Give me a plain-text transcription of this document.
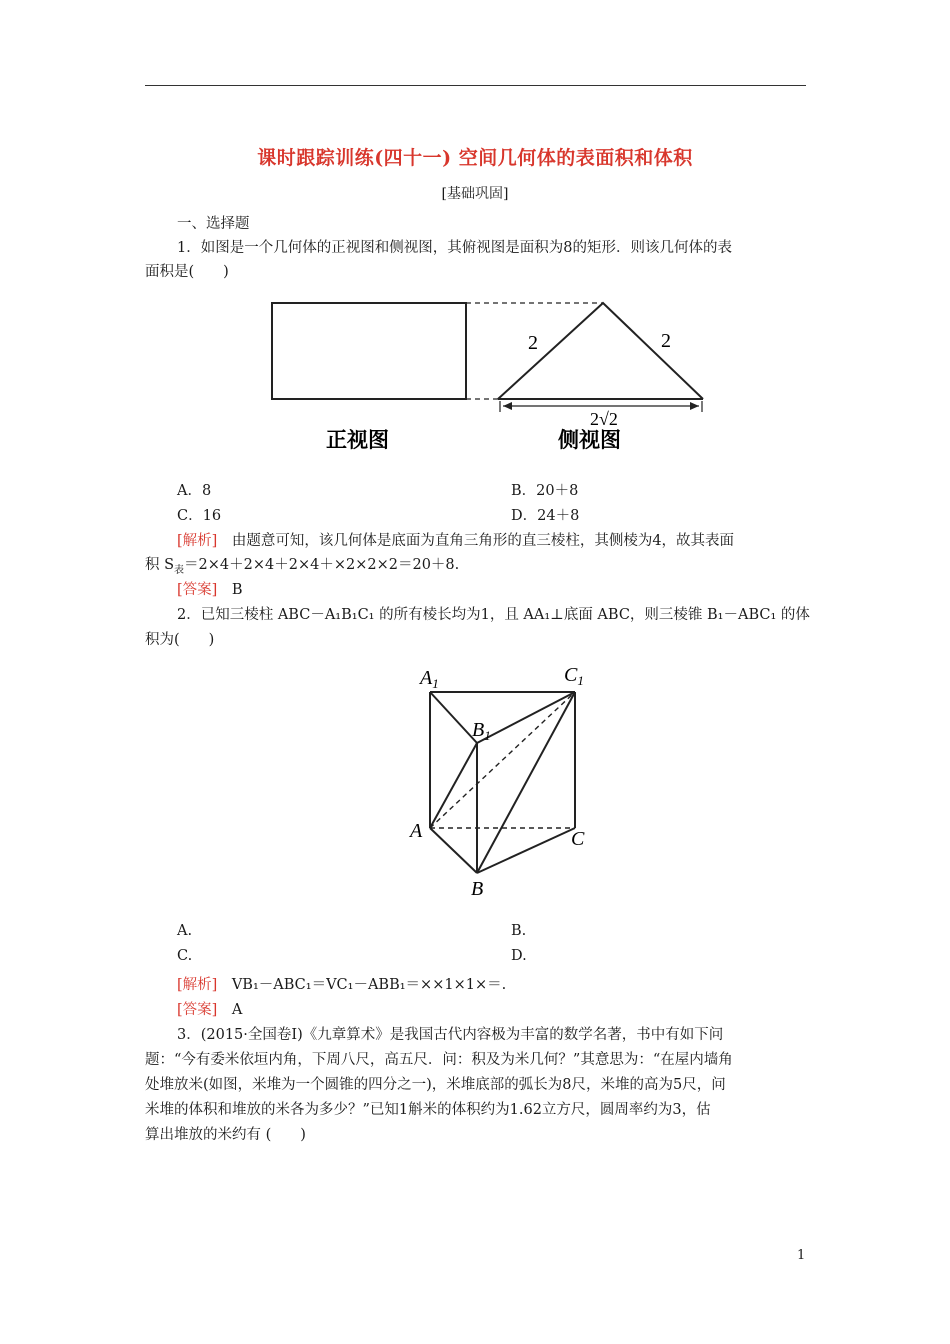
课时跟踪训练(四十一) 空间几何体的表面积和体积
[基础巩固]
一、选择题
1．如图是一个几何体的正视图和侧视图，其俯视图是面积为8的矩形．则该几何体的表
面积是(　　)
2	2
2√2
正视图	侧视图
A．8	B．20＋8
C．16	D．24＋8
[解析]　由题意可知，该几何体是底面为直角三角形的直三棱柱，其侧棱为4，故其表面
积 $S_表=2\times 4+2\times 4+2\times 4+\times 2\times 2\times 2=20+8$.
[答案]　B
2．已知三棱柱 ABC－A₁B₁C₁ 的所有棱长均为1，且 AA₁⊥底面 ABC，则三棱锥 B₁－ABC₁ 的体
积为(　　)
$A_1$	$C_1$
$B_1$
A	C
B
A.	B.
C.	D.
[解析]　VB₁－ABC₁＝VC₁－ABB₁＝××1×1×＝.
[答案]　A
3．(2015·全国卷Ⅰ)《九章算术》是我国古代内容极为丰富的数学名著，书中有如下问
题：“今有委米依垣内角，下周八尺，高五尺．问：积及为米几何？”其意思为：“在屋内墙角
处堆放米(如图，米堆为一个圆锥的四分之一)，米堆底部的弧长为8尺，米堆的高为5尺，问
米堆的体积和堆放的米各为多少？”已知1斛米的体积约为1.62立方尺，圆周率约为3，估
算出堆放的米约有 (　　)
1
